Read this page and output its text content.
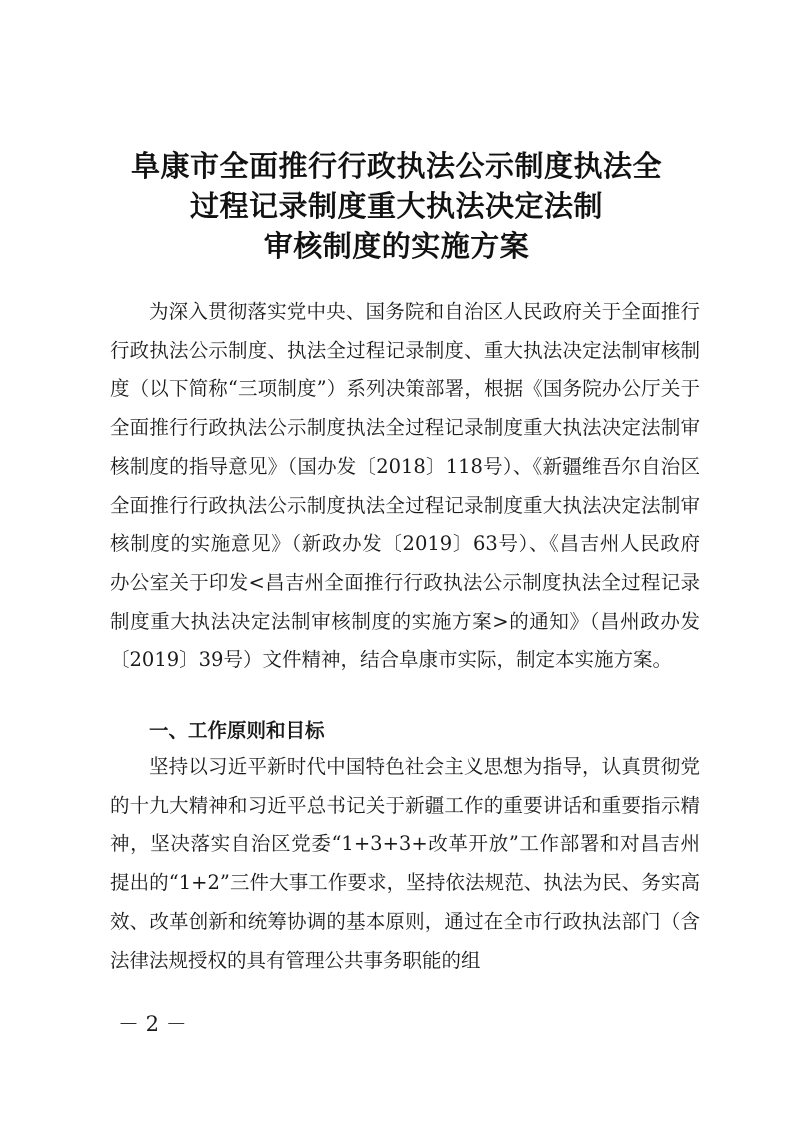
阜康市全面推行行政执法公示制度执法全
过程记录制度重大执法决定法制
审核制度的实施方案

为深入贯彻落实党中央、国务院和自治区人民政府关于全面推行行政执法公示制度、执法全过程记录制度、重大执法决定法制审核制度（以下简称“三项制度”）系列决策部署，根据《国务院办公厅关于全面推行行政执法公示制度执法全过程记录制度重大执法决定法制审核制度的指导意见》（国办发〔2018〕118号）、《新疆维吾尔自治区全面推行行政执法公示制度执法全过程记录制度重大执法决定法制审核制度的实施意见》（新政办发〔2019〕63号）、《昌吉州人民政府办公室关于印发<昌吉州全面推行行政执法公示制度执法全过程记录制度重大执法决定法制审核制度的实施方案>的通知》（昌州政办发〔2019〕39号）文件精神，结合阜康市实际，制定本实施方案。

一、工作原则和目标

坚持以习近平新时代中国特色社会主义思想为指导，认真贯彻党的十九大精神和习近平总书记关于新疆工作的重要讲话和重要指示精神，坚决落实自治区党委“1+3+3+改革开放”工作部署和对昌吉州提出的“1+2”三件大事工作要求，坚持依法规范、执法为民、务实高效、改革创新和统筹协调的基本原则，通过在全市行政执法部门（含法律法规授权的具有管理公共事务职能的组

－ 2 －
